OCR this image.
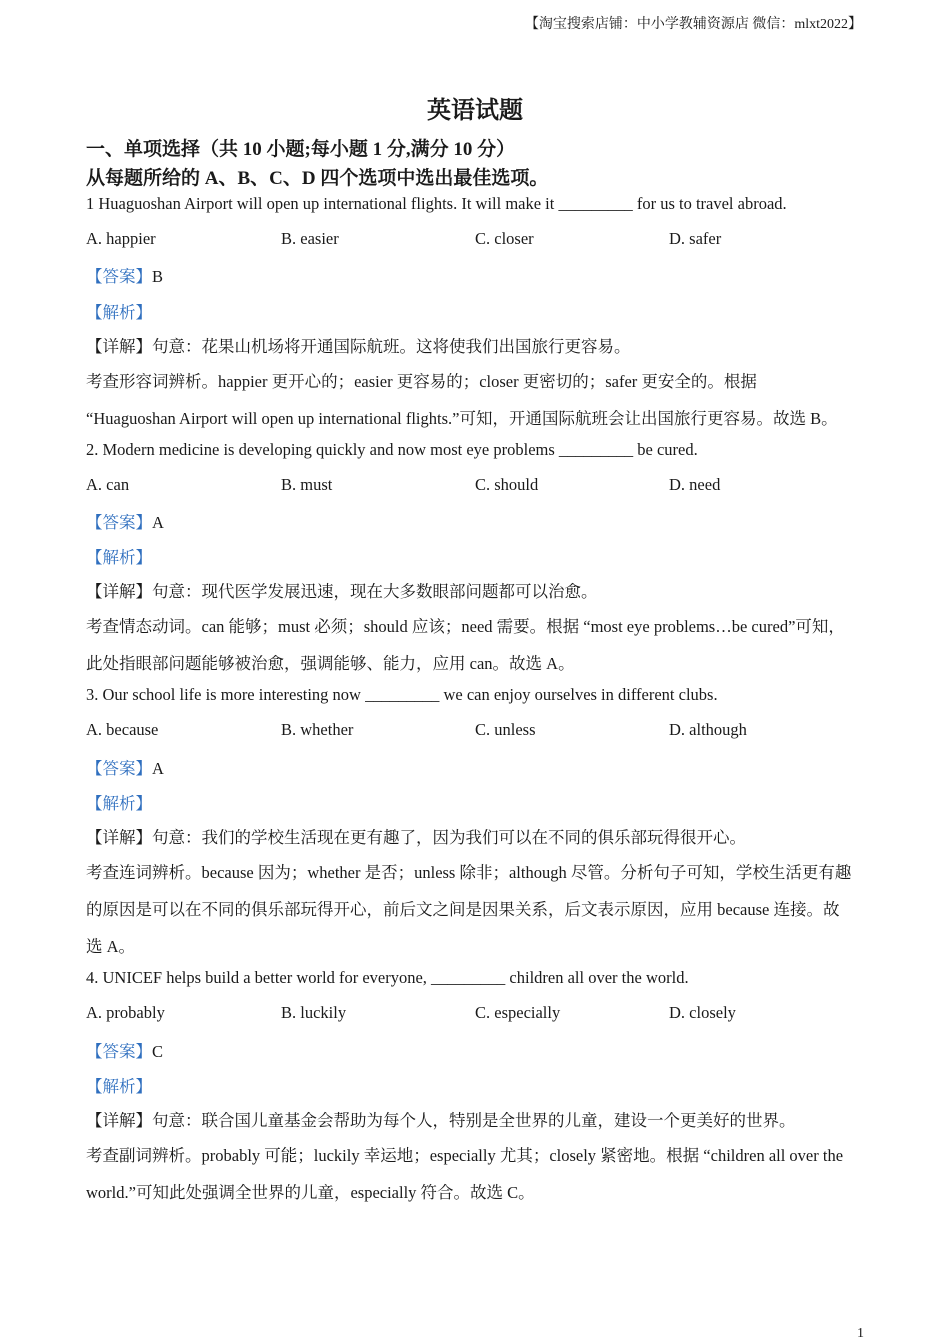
【淘宝搜索店铺：中小学教辅资源店 微信：mlxt2022】
英语试题
一、单项选择（共 10 小题;每小题 1 分,满分 10 分）
从每题所给的 A、B、C、D 四个选项中选出最佳选项。
1 Huaguoshan Airport will open up international flights. It will make it _________ for us to travel abroad.
A. happier	B. easier	C. closer	D. safer
【答案】B
【解析】
【详解】句意：花果山机场将开通国际航班。这将使我们出国旅行更容易。
考查形容词辨析。happier 更开心的；easier 更容易的；closer 更密切的；safer 更安全的。根据
“Huaguoshan Airport will open up international flights.”可知，开通国际航班会让出国旅行更容易。故选 B。
2. Modern medicine is developing quickly and now most eye problems _________ be cured.
A. can	B. must	C. should	D. need
【答案】A
【解析】
【详解】句意：现代医学发展迅速，现在大多数眼部问题都可以治愈。
考查情态动词。can 能够；must 必须；should 应该；need 需要。根据 “most eye problems…be cured”可知，
此处指眼部问题能够被治愈，强调能够、能力，应用 can。故选 A。
3. Our school life is more interesting now _________ we can enjoy ourselves in different clubs.
A. because	B. whether	C. unless	D. although
【答案】A
【解析】
【详解】句意：我们的学校生活现在更有趣了，因为我们可以在不同的俱乐部玩得很开心。
考查连词辨析。because 因为；whether 是否；unless 除非；although 尽管。分析句子可知，学校生活更有趣
的原因是可以在不同的俱乐部玩得开心，前后文之间是因果关系，后文表示原因，应用 because 连接。故
选 A。
4. UNICEF helps build a better world for everyone, _________ children all over the world.
A. probably	B. luckily	C. especially	D. closely
【答案】C
【解析】
【详解】句意：联合国儿童基金会帮助为每个人，特别是全世界的儿童，建设一个更美好的世界。
考查副词辨析。probably 可能；luckily 幸运地；especially 尤其；closely 紧密地。根据 “children all over the
world.”可知此处强调全世界的儿童，especially 符合。故选 C。
1
